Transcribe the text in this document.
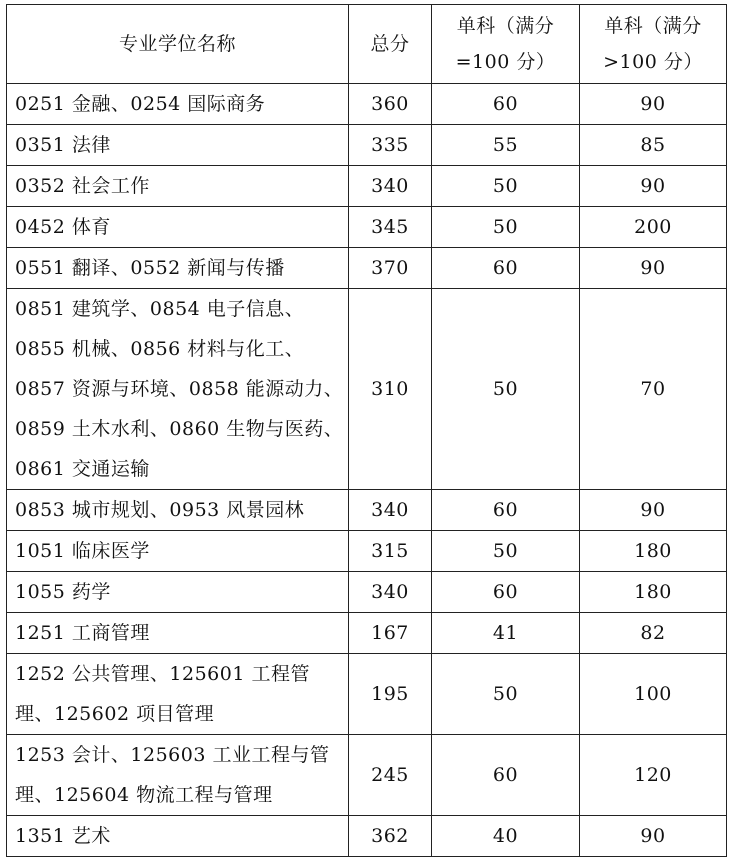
专业学位名称	总分	单科（满分=100 分）	单科（满分>100 分）
0251 金融、0254 国际商务	360	60	90
0351 法律	335	55	85
0352 社会工作	340	50	90
0452 体育	345	50	200
0551 翻译、0552 新闻与传播	370	60	90
0851 建筑学、0854 电子信息、0855 机械、0856 材料与化工、0857 资源与环境、0858 能源动力、0859 土木水利、0860 生物与医药、0861 交通运输	310	50	70
0853 城市规划、0953 风景园林	340	60	90
1051 临床医学	315	50	180
1055 药学	340	60	180
1251 工商管理	167	41	82
1252 公共管理、125601 工程管理、125602 项目管理	195	50	100
1253 会计、125603 工业工程与管理、125604 物流工程与管理	245	60	120
1351 艺术	362	40	90
